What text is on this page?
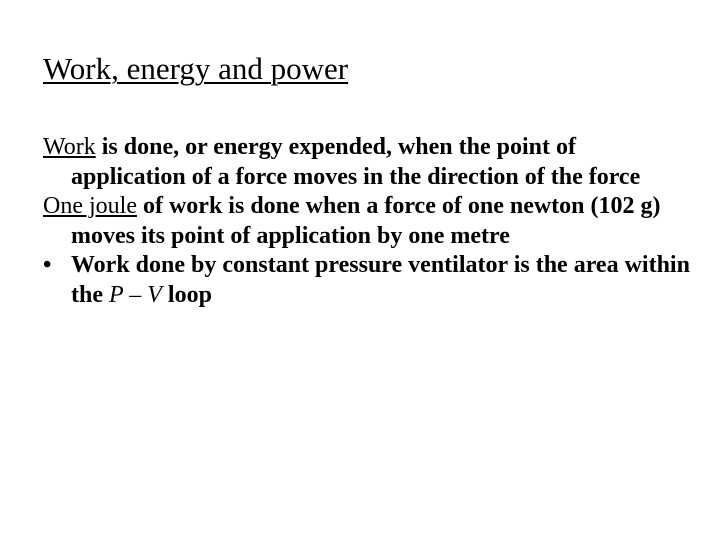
Work, energy and power

Work is done, or energy expended, when the point of application of a force moves in the direction of the force

One joule of work is done when a force of one newton (102 g) moves its point of application by one metre

• Work done by constant pressure ventilator is the area within the P – V loop
